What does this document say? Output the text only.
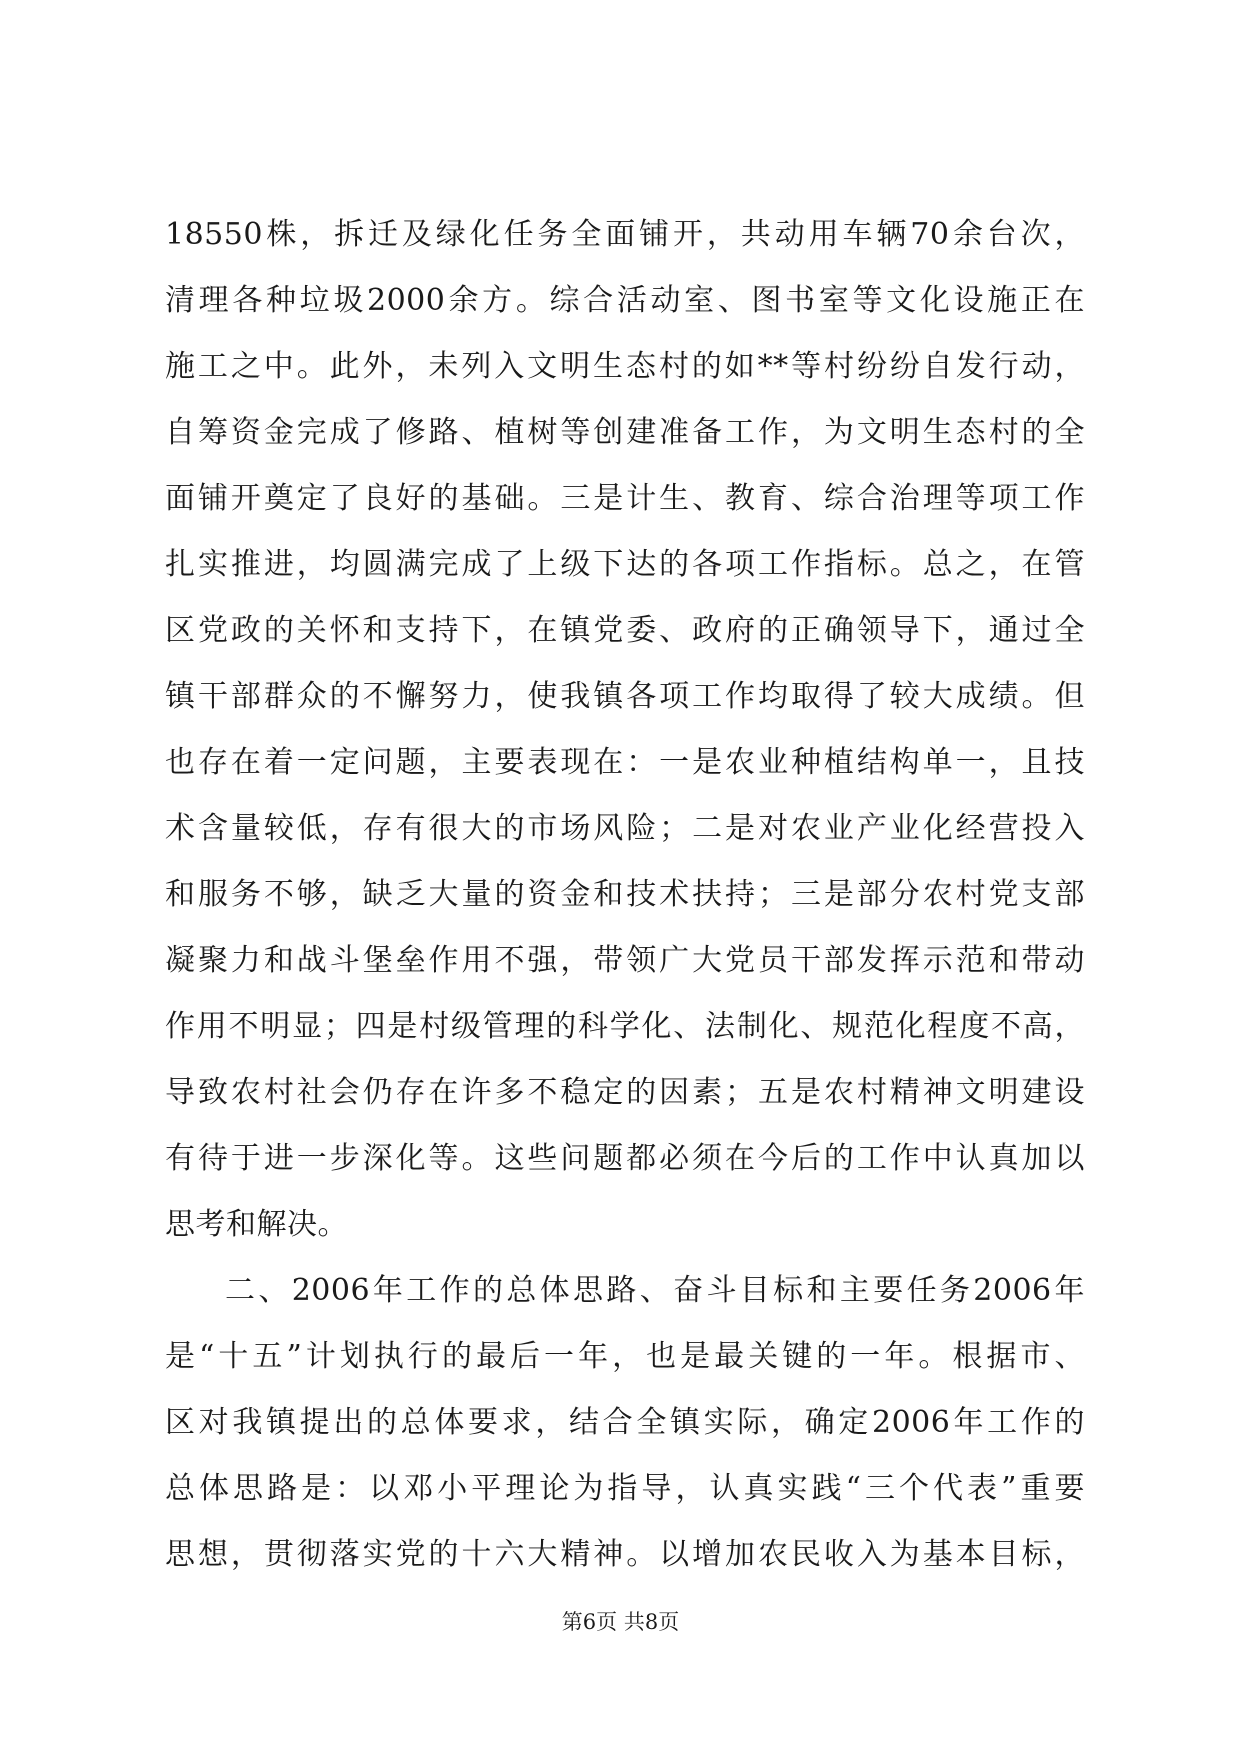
18550株，拆迁及绿化任务全面铺开，共动用车辆70余台次，
清理各种垃圾2000余方。综合活动室、图书室等文化设施正在
施工之中。此外，未列入文明生态村的如**等村纷纷自发行动，
自筹资金完成了修路、植树等创建准备工作，为文明生态村的全
面铺开奠定了良好的基础。三是计生、教育、综合治理等项工作
扎实推进，均圆满完成了上级下达的各项工作指标。总之，在管
区党政的关怀和支持下，在镇党委、政府的正确领导下，通过全
镇干部群众的不懈努力，使我镇各项工作均取得了较大成绩。但
也存在着一定问题，主要表现在：一是农业种植结构单一，且技
术含量较低，存有很大的市场风险；二是对农业产业化经营投入
和服务不够，缺乏大量的资金和技术扶持；三是部分农村党支部
凝聚力和战斗堡垒作用不强，带领广大党员干部发挥示范和带动
作用不明显；四是村级管理的科学化、法制化、规范化程度不高，
导致农村社会仍存在许多不稳定的因素；五是农村精神文明建设
有待于进一步深化等。这些问题都必须在今后的工作中认真加以
思考和解决。
二、2006年工作的总体思路、奋斗目标和主要任务2006年
是“十五”计划执行的最后一年，也是最关键的一年。根据市、
区对我镇提出的总体要求，结合全镇实际，确定2006年工作的
总体思路是：以邓小平理论为指导，认真实践“三个代表”重要
思想，贯彻落实党的十六大精神。以增加农民收入为基本目标，
第6页 共8页
